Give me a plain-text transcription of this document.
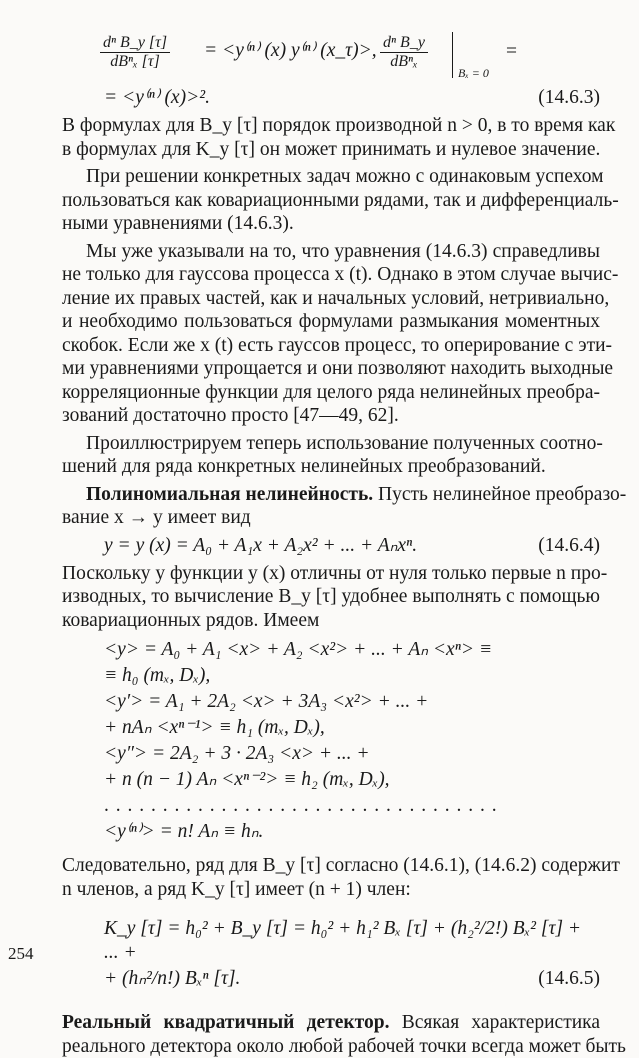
dⁿ B_y [τ]
dBⁿₓ [τ]
= <y⁽ⁿ⁾ (x) y⁽ⁿ⁾ (x_τ)>, dⁿ B_y
dBⁿₓ
Bₓ = 0
=
= <y⁽ⁿ⁾ (x)>².	(14.6.3)
В формулах для B_y [τ] порядок производной n > 0, в то время как
в формулах для K_y [τ] он может принимать и нулевое значение.
При решении конкретных задач можно с одинаковым успехом
пользоваться как ковариационными рядами, так и дифференциаль-
ными уравнениями (14.6.3).
Мы уже указывали на то, что уравнения (14.6.3) справедливы
не только для гауссова процесса x (t). Однако в этом случае вычис-
ление их правых частей, как и начальных условий, нетривиально,
и необходимо пользоваться формулами размыкания моментных
скобок. Если же x (t) есть гауссов процесс, то оперирование с эти-
ми уравнениями упрощается и они позволяют находить выходные
корреляционные функции для целого ряда нелинейных преобра-
зований достаточно просто [47—49, 62].
Проиллюстрируем теперь использование полученных соотно-
шений для ряда конкретных нелинейных преобразований.
Полиномиальная нелинейность. Пусть нелинейное преобразо-
вание x → y имеет вид
y = y (x) = A₀ + A₁x + A₂x² + ... + Aₙxⁿ.	(14.6.4)
Поскольку у функции y (x) отличны от нуля только первые n про-
изводных, то вычисление B_y [τ] удобнее выполнять с помощью
ковариационных рядов. Имеем
<y> = A₀ + A₁ <x> + A₂ <x²> + ... + Aₙ <xⁿ> ≡
≡ h₀ (mₓ, Dₓ),
<y′> = A₁ + 2A₂ <x> + 3A₃ <x²> + ... +
+ nAₙ <xⁿ⁻¹> ≡ h₁ (mₓ, Dₓ),
<y″> = 2A₂ + 3 · 2A₃ <x> + ... +
+ n (n − 1) Aₙ <xⁿ⁻²> ≡ h₂ (mₓ, Dₓ),
. . . . . . . . . . . . . . . . . . . . . . . . . . . . . . . . . .
<y⁽ⁿ⁾> = n! Aₙ ≡ hₙ.
Следовательно, ряд для B_y [τ] согласно (14.6.1), (14.6.2) содержит
n членов, а ряд K_y [τ] имеет (n + 1) член:
K_y [τ] = h₀² + B_y [τ] = h₀² + h₁² Bₓ [τ] + (h₂²/2!) Bₓ² [τ] + ... +
+ (hₙ²/n!) Bₓⁿ [τ].	(14.6.5)
Реальный квадратичный детектор. Всякая характеристика
реального детектора около любой рабочей точки всегда может быть
254
